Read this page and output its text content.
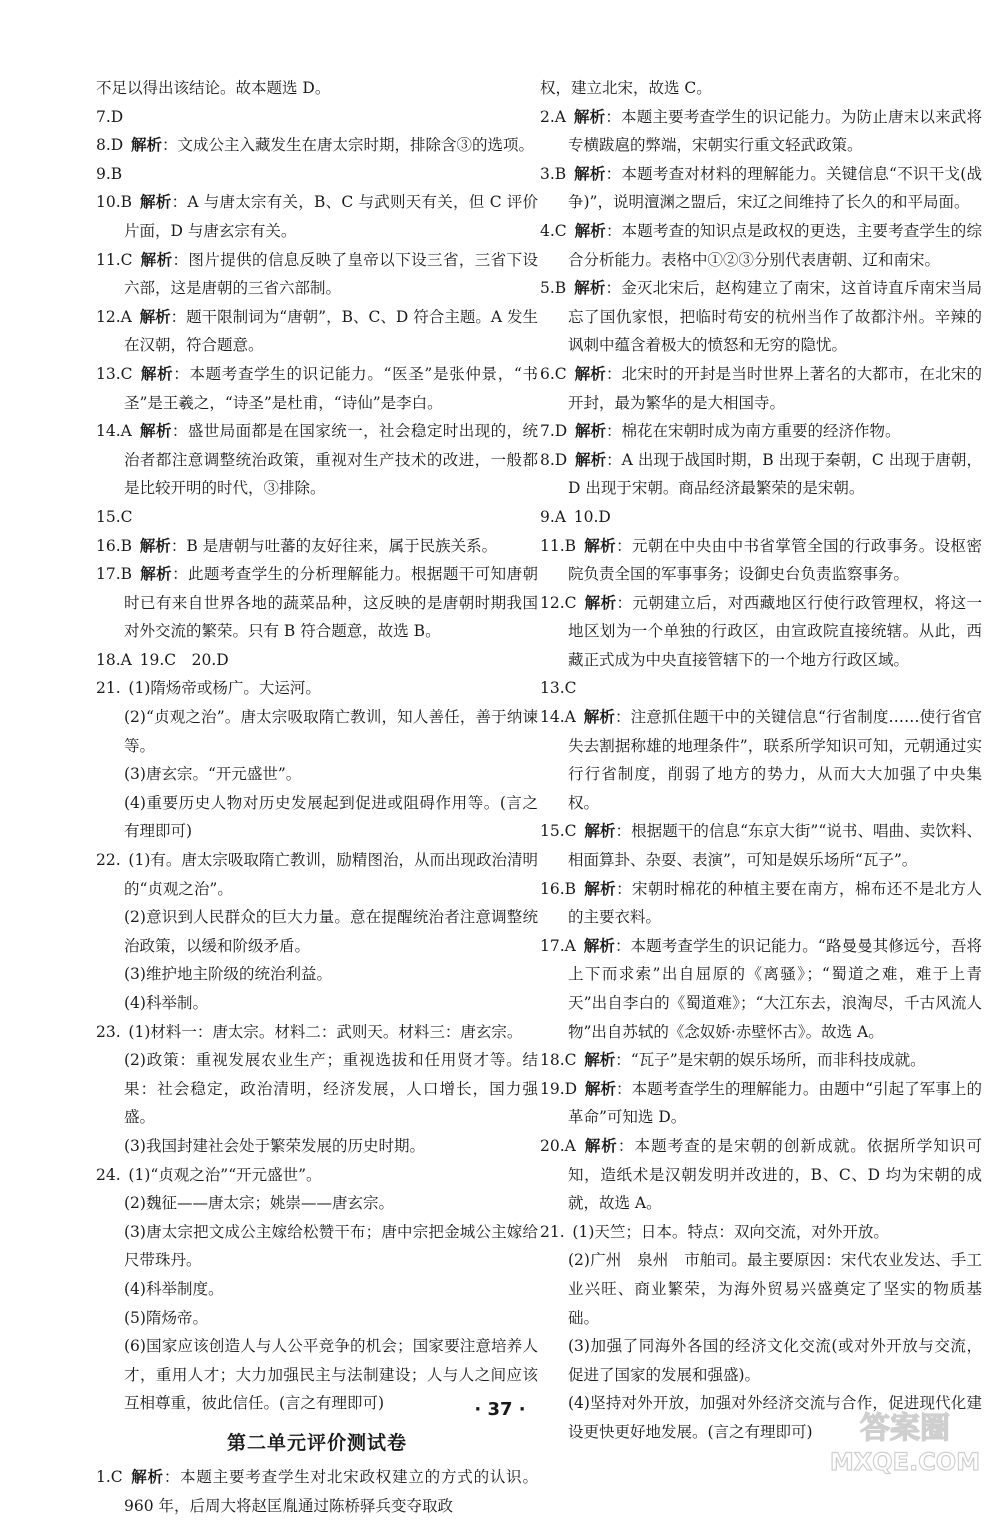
不足以得出该结论。故本题选 D。

7.D 

8.D  解析：文成公主入藏发生在唐太宗时期，排除含③的选项。

9.B 

10.B  解析：A 与唐太宗有关，B、C 与武则天有关，但 C 评价片面，D 与唐玄宗有关。

11.C  解析：图片提供的信息反映了皇帝以下设三省，三省下设六部，这是唐朝的三省六部制。

12.A  解析：题干限制词为“唐朝”，B、C、D 符合主题。A 发生在汉朝，符合题意。

13.C  解析：本题考查学生的识记能力。“医圣”是张仲景，“书圣”是王羲之，“诗圣”是杜甫，“诗仙”是李白。

14.A  解析：盛世局面都是在国家统一，社会稳定时出现的，统治者都注意调整统治政策，重视对生产技术的改进，一般都是比较开明的时代，③排除。

15.C 

16.B  解析：B 是唐朝与吐蕃的友好往来，属于民族关系。

17.B  解析：此题考查学生的分析理解能力。根据题干可知唐朝时已有来自世界各地的蔬菜品种，这反映的是唐朝时期我国对外交流的繁荣。只有 B 符合题意，故选 B。

18.A  19.C　20.D

21.  (1)隋炀帝或杨广。大运河。

(2)“贞观之治”。唐太宗吸取隋亡教训，知人善任，善于纳谏等。

(3)唐玄宗。“开元盛世”。

(4)重要历史人物对历史发展起到促进或阻碍作用等。(言之有理即可)

22.  (1)有。唐太宗吸取隋亡教训，励精图治，从而出现政治清明的“贞观之治”。

(2)意识到人民群众的巨大力量。意在提醒统治者注意调整统治政策，以缓和阶级矛盾。

(3)维护地主阶级的统治利益。

(4)科举制。

23.  (1)材料一：唐太宗。材料二：武则天。材料三：唐玄宗。

(2)政策：重视发展农业生产；重视选拔和任用贤才等。结果：社会稳定，政治清明，经济发展，人口增长，国力强盛。

(3)我国封建社会处于繁荣发展的历史时期。

24.  (1)“贞观之治”“开元盛世”。

(2)魏征——唐太宗；姚崇——唐玄宗。

(3)唐太宗把文成公主嫁给松赞干布；唐中宗把金城公主嫁给尺带珠丹。

(4)科举制度。

(5)隋炀帝。

(6)国家应该创造人与人公平竞争的机会；国家要注意培养人才，重用人才；大力加强民主与法制建设；人与人之间应该互相尊重，彼此信任。(言之有理即可)

第二单元评价测试卷

1.C  解析：本题主要考查学生对北宋政权建立的方式的认识。960 年，后周大将赵匡胤通过陈桥驿兵变夺取政

权，建立北宋，故选 C。

2.A  解析：本题主要考查学生的识记能力。为防止唐末以来武将专横跋扈的弊端，宋朝实行重文轻武政策。

3.B  解析：本题考查对材料的理解能力。关键信息“不识干戈(战争)”，说明澶渊之盟后，宋辽之间维持了长久的和平局面。

4.C  解析：本题考查的知识点是政权的更迭，主要考查学生的综合分析能力。表格中①②③分别代表唐朝、辽和南宋。

5.B  解析：金灭北宋后，赵构建立了南宋，这首诗直斥南宋当局忘了国仇家恨，把临时苟安的杭州当作了故都汴州。辛辣的讽刺中蕴含着极大的愤怒和无穷的隐忧。

6.C  解析：北宋时的开封是当时世界上著名的大都市，在北宋的开封，最为繁华的是大相国寺。

7.D  解析：棉花在宋朝时成为南方重要的经济作物。

8.D  解析：A 出现于战国时期，B 出现于秦朝，C 出现于唐朝，D 出现于宋朝。商品经济最繁荣的是宋朝。

9.A  10.D

11.B  解析：元朝在中央由中书省掌管全国的行政事务。设枢密院负责全国的军事事务；设御史台负责监察事务。

12.C  解析：元朝建立后，对西藏地区行使行政管理权，将这一地区划为一个单独的行政区，由宣政院直接统辖。从此，西藏正式成为中央直接管辖下的一个地方行政区域。

13.C 

14.A  解析：注意抓住题干中的关键信息“行省制度……使行省官失去割据称雄的地理条件”，联系所学知识可知，元朝通过实行行省制度，削弱了地方的势力，从而大大加强了中央集权。

15.C  解析：根据题干的信息“东京大街”“说书、唱曲、卖饮料、相面算卦、杂耍、表演”，可知是娱乐场所“瓦子”。

16.B  解析：宋朝时棉花的种植主要在南方，棉布还不是北方人的主要衣料。

17.A  解析：本题考查学生的识记能力。“路曼曼其修远兮，吾将上下而求索”出自屈原的《离骚》；“蜀道之难，难于上青天”出自李白的《蜀道难》；“大江东去，浪淘尽，千古风流人物”出自苏轼的《念奴娇·赤壁怀古》。故选 A。

18.C  解析：“瓦子”是宋朝的娱乐场所，而非科技成就。

19.D  解析：本题考查学生的理解能力。由题中“引起了军事上的革命”可知选 D。

20.A  解析：本题考查的是宋朝的创新成就。依据所学知识可知，造纸术是汉朝发明并改进的，B、C、D 均为宋朝的成就，故选 A。

21.  (1)天竺；日本。特点：双向交流，对外开放。

(2)广州　泉州　市舶司。最主要原因：宋代农业发达、手工业兴旺、商业繁荣，为海外贸易兴盛奠定了坚实的物质基础。

(3)加强了同海外各国的经济文化交流(或对外开放与交流，促进了国家的发展和强盛)。

(4)坚持对外开放，加强对外经济交流与合作，促进现代化建设更快更好地发展。(言之有理即可)

· 37 ·
答案圈
MXQE.COM
